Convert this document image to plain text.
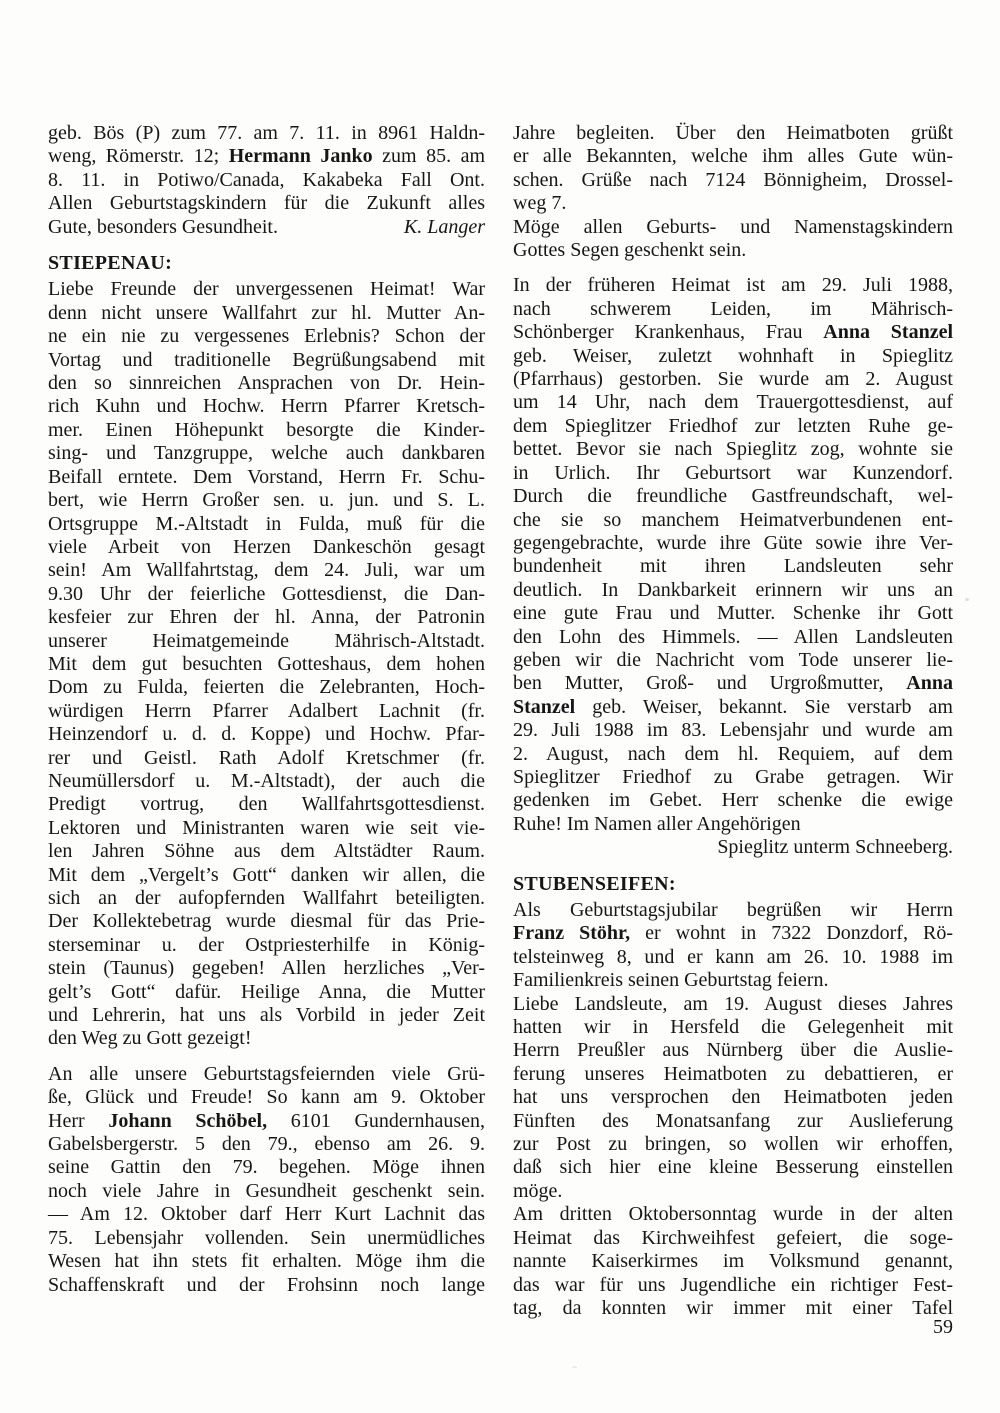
geb. Bös (P) zum 77. am 7. 11. in 8961 Haldn-
weng, Römerstr. 12; Hermann Janko zum 85. am
8. 11. in Potiwo/Canada, Kakabeka Fall Ont.
Allen Geburtstagskindern für die Zukunft alles
Gute, besonders Gesundheit.	K. Langer
STIEPENAU:
Liebe Freunde der unvergessenen Heimat! War
denn nicht unsere Wallfahrt zur hl. Mutter An-
ne ein nie zu vergessenes Erlebnis? Schon der
Vortag und traditionelle Begrüßungsabend mit
den so sinnreichen Ansprachen von Dr. Hein-
rich Kuhn und Hochw. Herrn Pfarrer Kretsch-
mer. Einen Höhepunkt besorgte die Kinder-
sing- und Tanzgruppe, welche auch dankbaren
Beifall erntete. Dem Vorstand, Herrn Fr. Schu-
bert, wie Herrn Großer sen. u. jun. und S. L.
Ortsgruppe M.-Altstadt in Fulda, muß für die
viele Arbeit von Herzen Dankeschön gesagt
sein! Am Wallfahrtstag, dem 24. Juli, war um
9.30 Uhr der feierliche Gottesdienst, die Dan-
kesfeier zur Ehren der hl. Anna, der Patronin
unserer Heimatgemeinde Mährisch-Altstadt.
Mit dem gut besuchten Gotteshaus, dem hohen
Dom zu Fulda, feierten die Zelebranten, Hoch-
würdigen Herrn Pfarrer Adalbert Lachnit (fr.
Heinzendorf u. d. d. Koppe) und Hochw. Pfar-
rer und Geistl. Rath Adolf Kretschmer (fr.
Neumüllersdorf u. M.-Altstadt), der auch die
Predigt vortrug, den Wallfahrtsgottesdienst.
Lektoren und Ministranten waren wie seit vie-
len Jahren Söhne aus dem Altstädter Raum.
Mit dem „Vergelt’s Gott“ danken wir allen, die
sich an der aufopfernden Wallfahrt beteiligten.
Der Kollektebetrag wurde diesmal für das Prie-
sterseminar u. der Ostpriesterhilfe in König-
stein (Taunus) gegeben! Allen herzliches „Ver-
gelt’s Gott“ dafür. Heilige Anna, die Mutter
und Lehrerin, hat uns als Vorbild in jeder Zeit
den Weg zu Gott gezeigt!
An alle unsere Geburtstagsfeiernden viele Grü-
ße, Glück und Freude! So kann am 9. Oktober
Herr Johann Schöbel, 6101 Gundernhausen,
Gabelsbergerstr. 5 den 79., ebenso am 26. 9.
seine Gattin den 79. begehen. Möge ihnen
noch viele Jahre in Gesundheit geschenkt sein.
— Am 12. Oktober darf Herr Kurt Lachnit das
75. Lebensjahr vollenden. Sein unermüdliches
Wesen hat ihn stets fit erhalten. Möge ihm die
Schaffenskraft und der Frohsinn noch lange
Jahre begleiten. Über den Heimatboten grüßt
er alle Bekannten, welche ihm alles Gute wün-
schen. Grüße nach 7124 Bönnigheim, Drossel-
weg 7.
Möge allen Geburts- und Namenstagskindern
Gottes Segen geschenkt sein.
In der früheren Heimat ist am 29. Juli 1988,
nach schwerem Leiden, im Mährisch-
Schönberger Krankenhaus, Frau Anna Stanzel
geb. Weiser, zuletzt wohnhaft in Spieglitz
(Pfarrhaus) gestorben. Sie wurde am 2. August
um 14 Uhr, nach dem Trauergottesdienst, auf
dem Spieglitzer Friedhof zur letzten Ruhe ge-
bettet. Bevor sie nach Spieglitz zog, wohnte sie
in Urlich. Ihr Geburtsort war Kunzendorf.
Durch die freundliche Gastfreundschaft, wel-
che sie so manchem Heimatverbundenen ent-
gegengebrachte, wurde ihre Güte sowie ihre Ver-
bundenheit mit ihren Landsleuten sehr
deutlich. In Dankbarkeit erinnern wir uns an
eine gute Frau und Mutter. Schenke ihr Gott
den Lohn des Himmels. — Allen Landsleuten
geben wir die Nachricht vom Tode unserer lie-
ben Mutter, Groß- und Urgroßmutter, Anna
Stanzel geb. Weiser, bekannt. Sie verstarb am
29. Juli 1988 im 83. Lebensjahr und wurde am
2. August, nach dem hl. Requiem, auf dem
Spieglitzer Friedhof zu Grabe getragen. Wir
gedenken im Gebet. Herr schenke die ewige
Ruhe! Im Namen aller Angehörigen
Spieglitz unterm Schneeberg.
STUBENSEIFEN:
Als Geburtstagsjubilar begrüßen wir Herrn
Franz Stöhr, er wohnt in 7322 Donzdorf, Rö-
telsteinweg 8, und er kann am 26. 10. 1988 im
Familienkreis seinen Geburtstag feiern.
Liebe Landsleute, am 19. August dieses Jahres
hatten wir in Hersfeld die Gelegenheit mit
Herrn Preußler aus Nürnberg über die Auslie-
ferung unseres Heimatboten zu debattieren, er
hat uns versprochen den Heimatboten jeden
Fünften des Monatsanfang zur Auslieferung
zur Post zu bringen, so wollen wir erhoffen,
daß sich hier eine kleine Besserung einstellen
möge.
Am dritten Oktobersonntag wurde in der alten
Heimat das Kirchweihfest gefeiert, die soge-
nannte Kaiserkirmes im Volksmund genannt,
das war für uns Jugendliche ein richtiger Fest-
tag, da konnten wir immer mit einer Tafel
59
